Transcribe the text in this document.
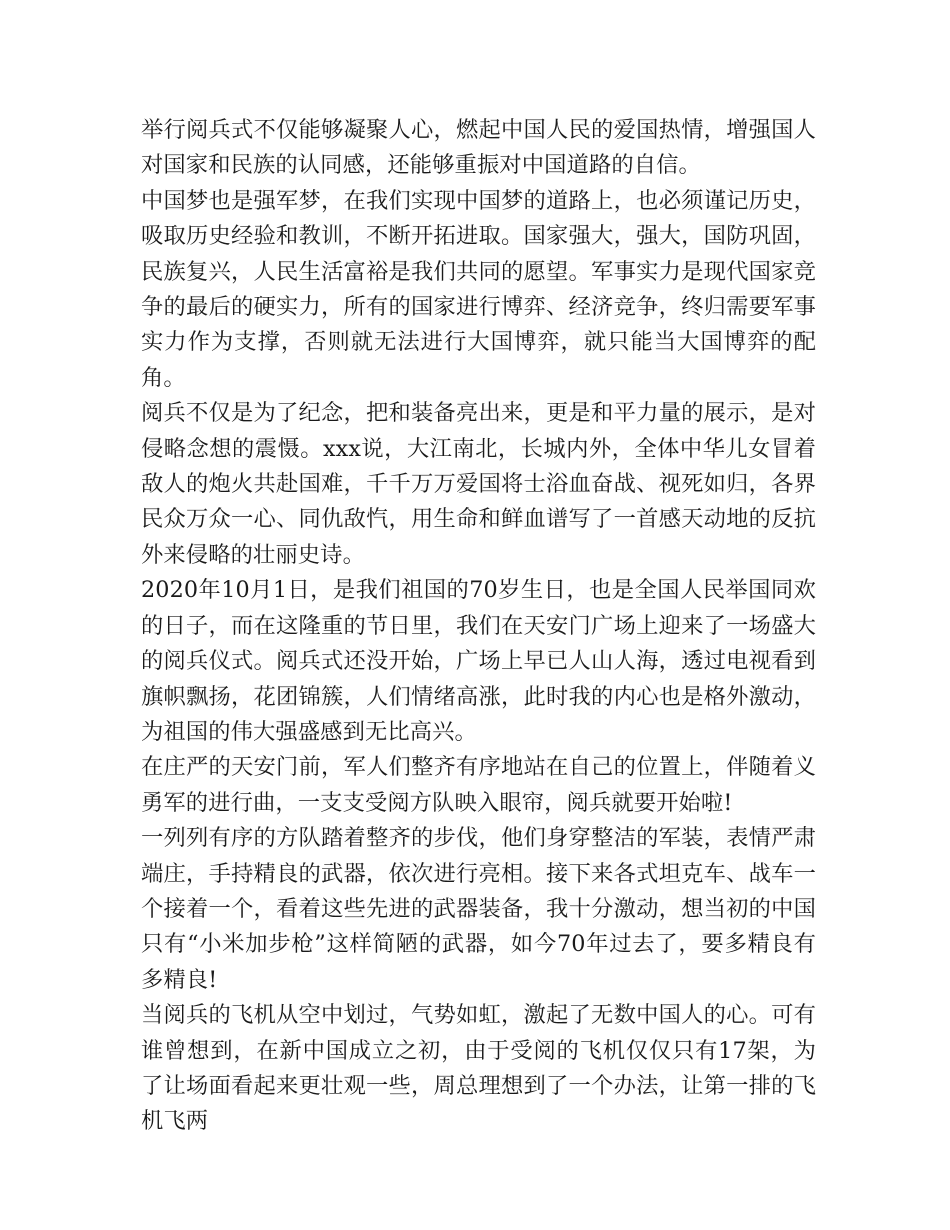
举行阅兵式不仅能够凝聚人心，燃起中国人民的爱国热情，增强国人对国家和民族的认同感，还能够重振对中国道路的自信。

中国梦也是强军梦，在我们实现中国梦的道路上，也必须谨记历史，吸取历史经验和教训，不断开拓进取。国家强大，强大，国防巩固，民族复兴，人民生活富裕是我们共同的愿望。军事实力是现代国家竞争的最后的硬实力，所有的国家进行博弈、经济竞争，终归需要军事实力作为支撑，否则就无法进行大国博弈，就只能当大国博弈的配角。

阅兵不仅是为了纪念，把和装备亮出来，更是和平力量的展示，是对侵略念想的震慑。xxx说，大江南北，长城内外，全体中华儿女冒着敌人的炮火共赴国难，千千万万爱国将士浴血奋战、视死如归，各界民众万众一心、同仇敌忾，用生命和鲜血谱写了一首感天动地的反抗外来侵略的壮丽史诗。

2020年10月1日，是我们祖国的70岁生日，也是全国人民举国同欢的日子，而在这隆重的节日里，我们在天安门广场上迎来了一场盛大的阅兵仪式。阅兵式还没开始，广场上早已人山人海，透过电视看到旗帜飘扬，花团锦簇，人们情绪高涨，此时我的内心也是格外激动，为祖国的伟大强盛感到无比高兴。

在庄严的天安门前，军人们整齐有序地站在自己的位置上，伴随着义勇军的进行曲，一支支受阅方队映入眼帘，阅兵就要开始啦!

一列列有序的方队踏着整齐的步伐，他们身穿整洁的军装，表情严肃端庄，手持精良的武器，依次进行亮相。接下来各式坦克车、战车一个接着一个，看着这些先进的武器装备，我十分激动，想当初的中国只有“小米加步枪”这样简陋的武器，如今70年过去了，要多精良有多精良!

当阅兵的飞机从空中划过，气势如虹，激起了无数中国人的心。可有谁曾想到，在新中国成立之初，由于受阅的飞机仅仅只有17架，为了让场面看起来更壮观一些，周总理想到了一个办法，让第一排的飞机飞两
